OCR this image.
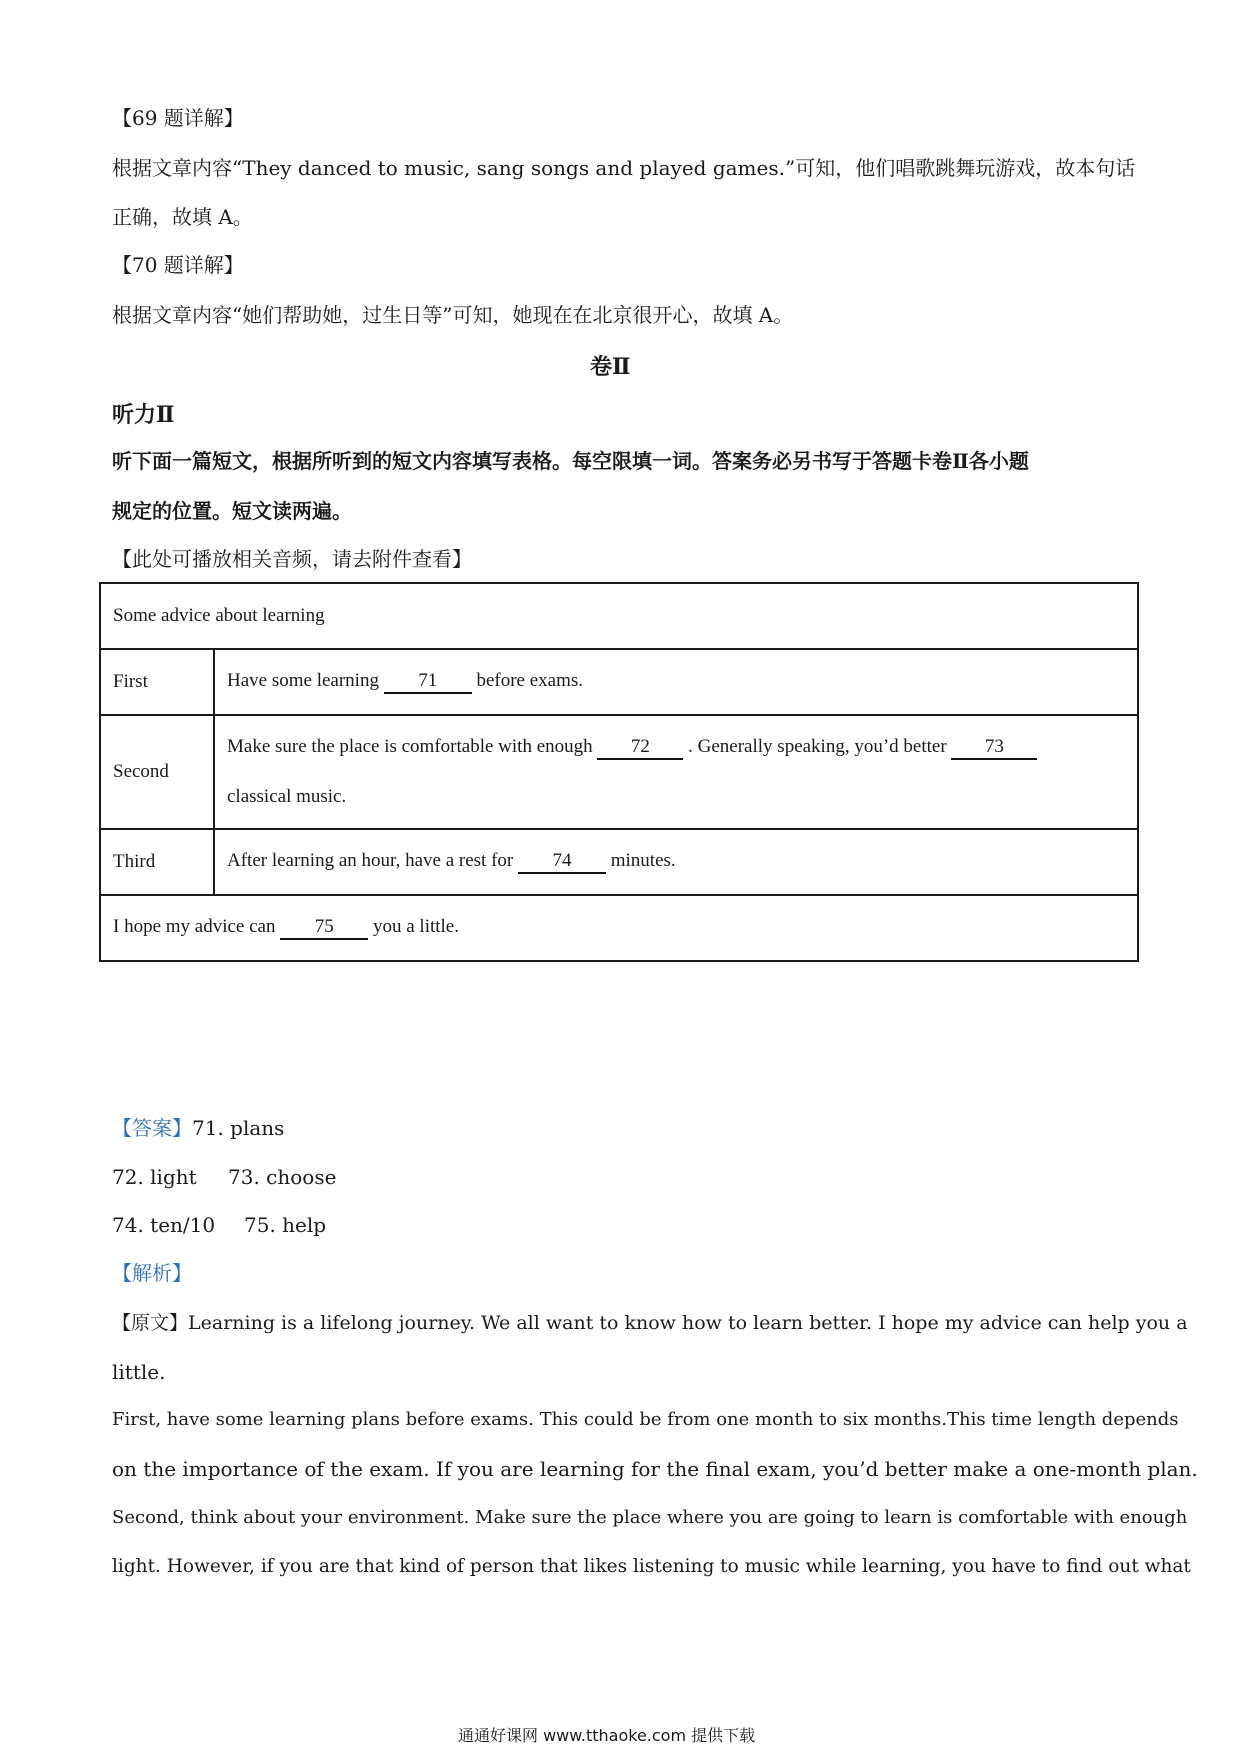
【69 题详解】
根据文章内容“They danced to music, sang songs and played games.”可知，他们唱歌跳舞玩游戏，故本句话
正确，故填 A。
【70 题详解】
根据文章内容“她们帮助她，过生日等”可知，她现在在北京很开心，故填 A。
卷Ⅱ
听力Ⅱ
听下面一篇短文，根据所听到的短文内容填写表格。每空限填一词。答案务必另书写于答题卡卷Ⅱ各小题
规定的位置。短文读两遍。
【此处可播放相关音频，请去附件查看】
Some advice about learning	
First	Have some learning 71 before exams.
Second	Make sure the place is comfortable with enough 72 . Generally speaking, you’d better 73
classical music.

Third	After learning an hour, have a rest for 74 minutes.
I hope my advice can 75 you a little.	
【答案】71. plans
72. light 73. choose
74. ten/10 75. help
【解析】
【原文】Learning is a lifelong journey. We all want to know how to learn better. I hope my advice can help you a
little.
First, have some learning plans before exams. This could be from one month to six months.This time length depends
on the importance of the exam. If you are learning for the final exam, you’d better make a one-month plan.
Second, think about your environment. Make sure the place where you are going to learn is comfortable with enough
light. However, if you are that kind of person that likes listening to music while learning, you have to find out what
通通好课网 www.tthaoke.com 提供下载
